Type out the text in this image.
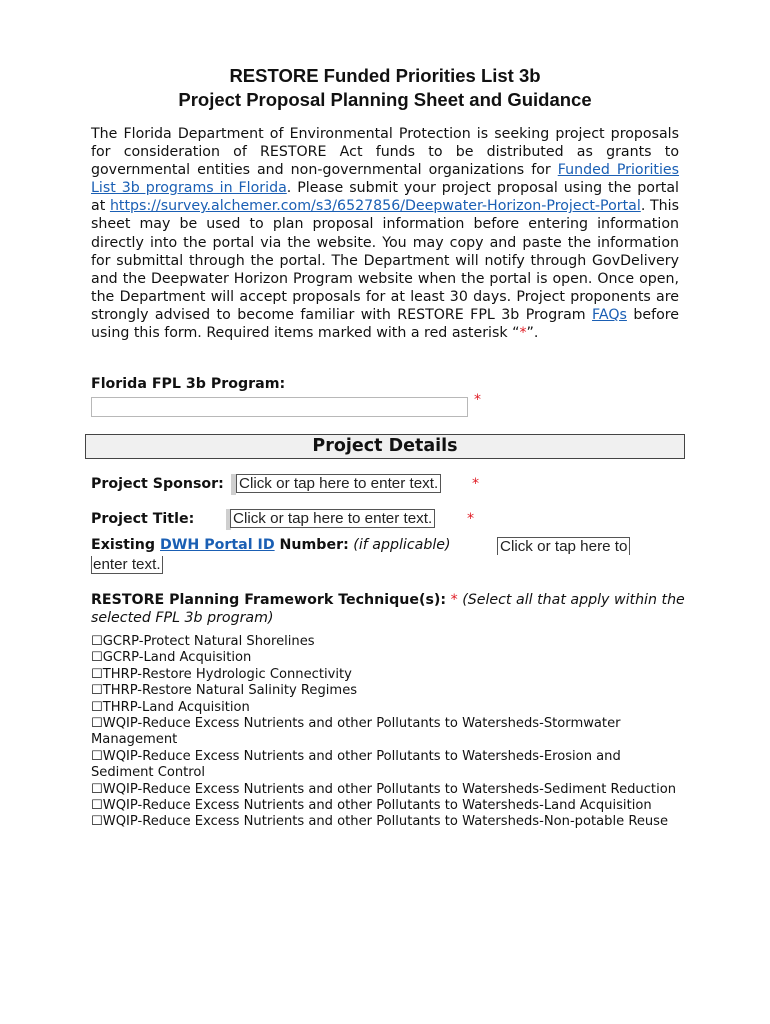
RESTORE Funded Priorities List 3b
Project Proposal Planning Sheet and Guidance
The Florida Department of Environmental Protection is seeking project proposals for consideration of RESTORE Act funds to be distributed as grants to governmental entities and non-governmental organizations for Funded Priorities List 3b programs in Florida. Please submit your project proposal using the portal at https://survey.alchemer.com/s3/6527856/Deepwater-Horizon-Project-Portal. This sheet may be used to plan proposal information before entering information directly into the portal via the website. You may copy and paste the information for submittal through the portal. The Department will notify through GovDelivery and the Deepwater Horizon Program website when the portal is open. Once open, the Department will accept proposals for at least 30 days. Project proponents are strongly advised to become familiar with RESTORE FPL 3b Program FAQs before using this form. Required items marked with a red asterisk “*”.
Florida FPL 3b Program:
*
Project Details
Project Sponsor: Click or tap here to enter text. *
Project Title:	Click or tap here to enter text. *
Existing DWH Portal ID Number: (if applicable)	Click or tap here to
enter text.
RESTORE Planning Framework Technique(s): * (Select all that apply within the selected FPL 3b program)
☐GCRP-Protect Natural Shorelines
☐GCRP-Land Acquisition
☐THRP-Restore Hydrologic Connectivity
☐THRP-Restore Natural Salinity Regimes
☐THRP-Land Acquisition
☐WQIP-Reduce Excess Nutrients and other Pollutants to Watersheds-Stormwater Management
☐WQIP-Reduce Excess Nutrients and other Pollutants to Watersheds-Erosion and Sediment Control
☐WQIP-Reduce Excess Nutrients and other Pollutants to Watersheds-Sediment Reduction
☐WQIP-Reduce Excess Nutrients and other Pollutants to Watersheds-Land Acquisition
☐WQIP-Reduce Excess Nutrients and other Pollutants to Watersheds-Non-potable Reuse
